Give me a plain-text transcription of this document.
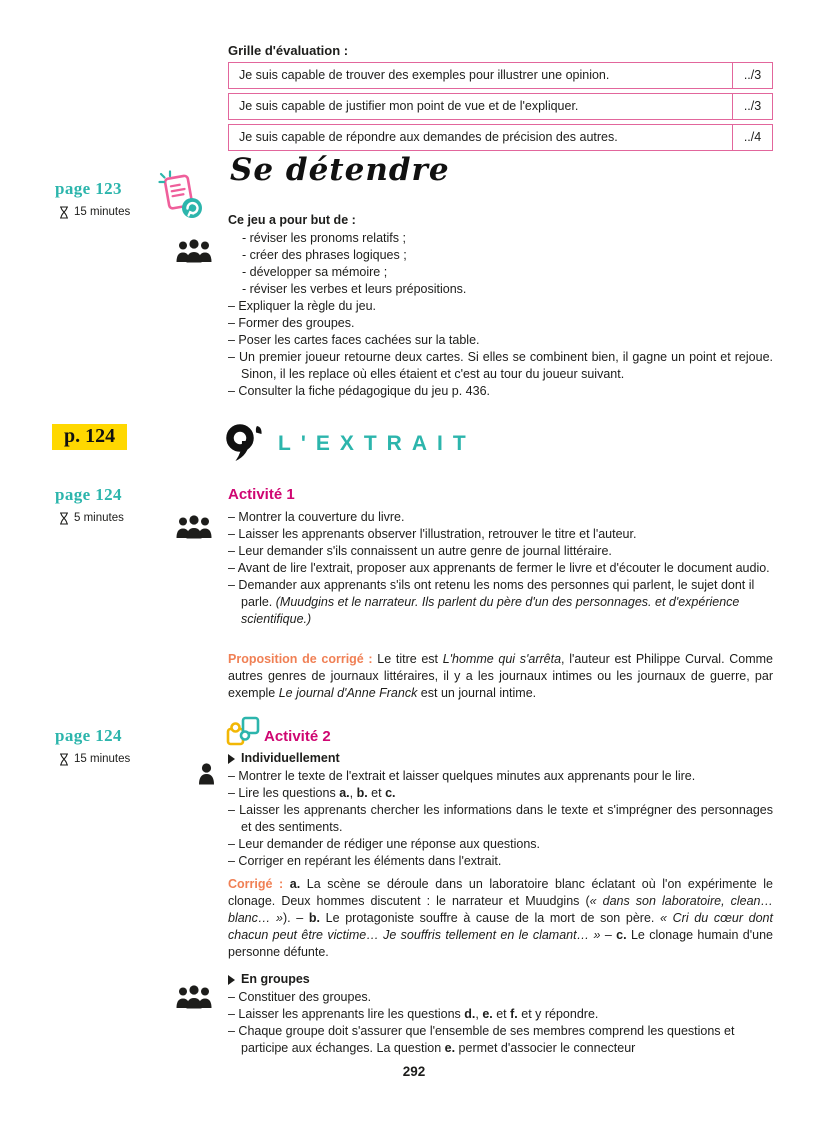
Grille d'évaluation :
Je suis capable de trouver des exemples pour illustrer une opinion.	../3
Je suis capable de justifier mon point de vue et de l'expliquer.	../3
Je suis capable de répondre aux demandes de précision des autres.	../4
page 123
15 minutes
Se détendre
Ce jeu a pour but de :
- réviser les pronoms relatifs ;
- créer des phrases logiques ;
- développer sa mémoire ;
- réviser les verbes et leurs prépositions.
– Expliquer la règle du jeu.
– Former des groupes.
– Poser les cartes faces cachées sur la table.
– Un premier joueur retourne deux cartes. Si elles se combinent bien, il gagne un point et rejoue. Sinon, il les replace où elles étaient et c'est au tour du joueur suivant.
– Consulter la fiche pédagogique du jeu p. 436.
p. 124	L'EXTRAIT
page 124
5 minutes
Activité 1
– Montrer la couverture du livre.
– Laisser les apprenants observer l'illustration, retrouver le titre et l'auteur.
– Leur demander s'ils connaissent un autre genre de journal littéraire.
– Avant de lire l'extrait, proposer aux apprenants de fermer le livre et d'écouter le document audio.
– Demander aux apprenants s'ils ont retenu les noms des personnes qui parlent, le sujet dont il parle. (Muudgins et le narrateur. Ils parlent du père d'un des personnages. et d'expérience scientifique.)
Proposition de corrigé : Le titre est L'homme qui s'arrêta, l'auteur est Philippe Curval. Comme autres genres de journaux littéraires, il y a les journaux intimes ou les journaux de guerre, par exemple Le journal d'Anne Franck est un journal intime.
page 124
15 minutes
Activité 2
Individuellement
– Montrer le texte de l'extrait et laisser quelques minutes aux apprenants pour le lire.
– Lire les questions a., b. et c.
– Laisser les apprenants chercher les informations dans le texte et s'imprégner des personnages et des sentiments.
– Leur demander de rédiger une réponse aux questions.
– Corriger en repérant les éléments dans l'extrait.
Corrigé : a. La scène se déroule dans un laboratoire blanc éclatant où l'on expérimente le clonage. Deux hommes discutent : le narrateur et Muudgins (« dans son laboratoire, clean… blanc… »). – b. Le protagoniste souffre à cause de la mort de son père. « Cri du cœur dont chacun peut être victime… Je souffris tellement en le clamant… » – c. Le clonage humain d'une personne défunte.
En groupes
– Constituer des groupes.
– Laisser les apprenants lire les questions d., e. et f. et y répondre.
– Chaque groupe doit s'assurer que l'ensemble de ses membres comprend les questions et participe aux échanges. La question e. permet d'associer le connecteur
292
